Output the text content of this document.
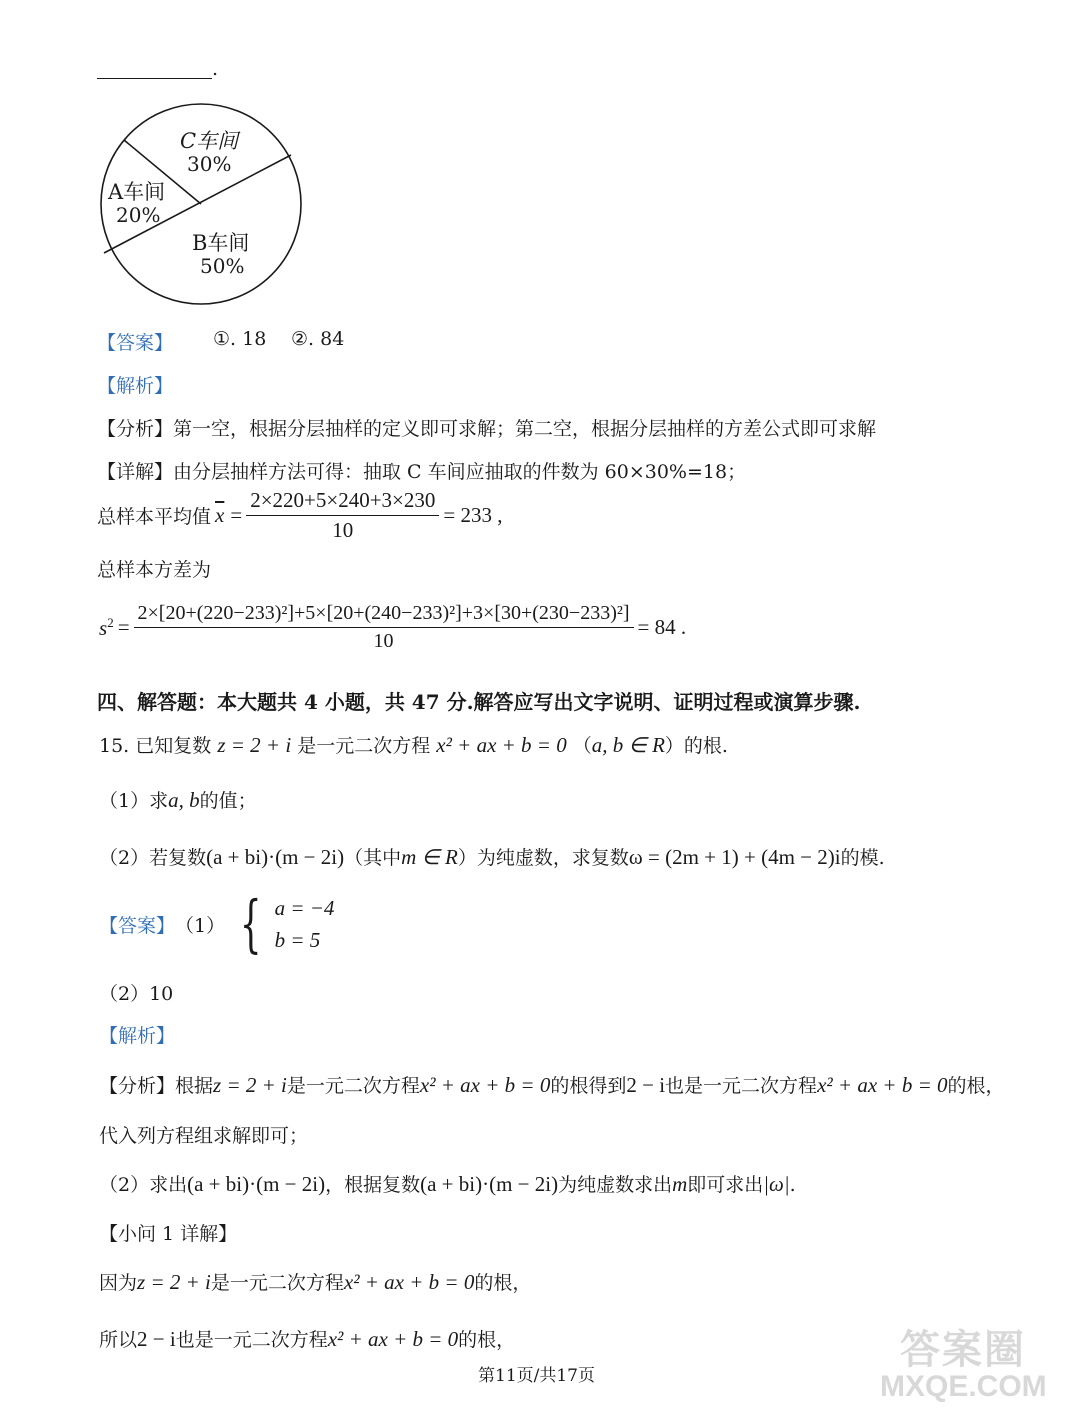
.
C车间
30%
A车间
20%
B车间
50%
【答案】 ①. 18 ②. 84
【解析】
【分析】第一空，根据分层抽样的定义即可求解；第二空，根据分层抽样的方差公式即可求解
【详解】由分层抽样方法可得：抽取 C 车间应抽取的件数为 60×30%=18；
总样本平均值 $\overline{x} = \frac{2\times 220+5\times 240+3\times 230}{10} = 233$ ,
总样本方差为
$s^2 = \frac{\text{2×[20+(220−233)²]+5×[20+(240−233)²]+3×[30+(230−233)²]}}{10} = 84$ .
四、解答题：本大题共 4 小题，共 47 分.解答应写出文字说明、证明过程或演算步骤.
15. 已知复数 z = 2 + i 是一元二次方程 x² + ax + b = 0 （a, b ∈ R）的根.
（1）求a, b的值；
（2）若复数(a + bi)·(m − 2i)（其中m ∈ R）为纯虚数，求复数ω = (2m + 1) + (4m − 2)i的模.
【答案】 （1） { a = −4
b = 5
（2）10
【解析】
【分析】根据z = 2 + i是一元二次方程x² + ax + b = 0的根得到2 − i也是一元二次方程x² + ax + b = 0的根，
代入列方程组求解即可；
（2）求出(a + bi)·(m − 2i)，根据复数(a + bi)·(m − 2i)为纯虚数求出m即可求出|ω|.
【小问 1 详解】
因为z = 2 + i是一元二次方程x² + ax + b = 0的根，
所以2 − i也是一元二次方程x² + ax + b = 0的根，
第11页/共17页
答案圈
MXQE.COM
